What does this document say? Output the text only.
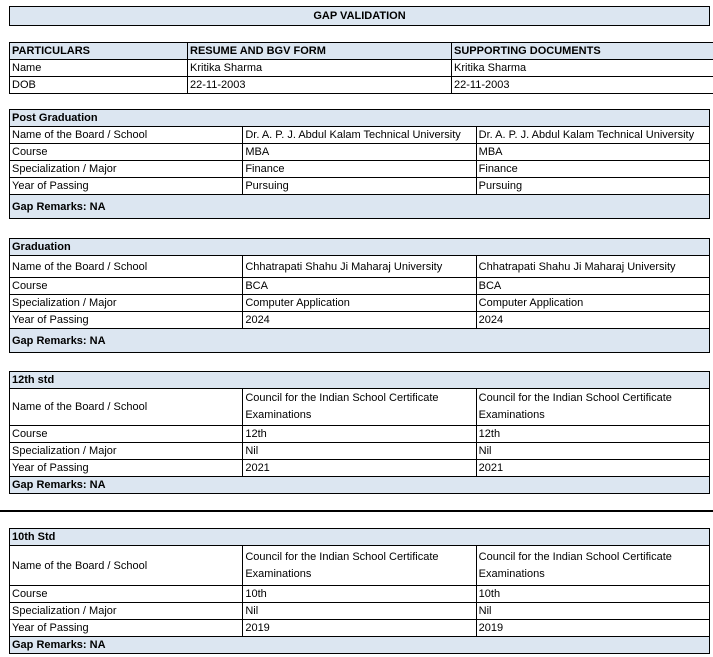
GAP VALIDATION
PARTICULARS	RESUME AND BGV FORM	SUPPORTING DOCUMENTS
Name	Kritika Sharma	Kritika Sharma
DOB	22-11-2003	22-11-2003
Post Graduation		
Name of the Board / School	Dr. A. P. J. Abdul Kalam Technical University	Dr. A. P. J. Abdul Kalam Technical University
Course	MBA	MBA
Specialization / Major	Finance	Finance
Year of Passing	Pursuing	Pursuing
Gap Remarks: NA		
Graduation		
Name of the Board / School	Chhatrapati Shahu Ji Maharaj University	Chhatrapati Shahu Ji Maharaj University
Course	BCA	BCA
Specialization / Major	Computer Application	Computer Application
Year of Passing	2024	2024
Gap Remarks: NA		
12th std		
Name of the Board / School	Council for the Indian School Certificate Examinations	Council for the Indian School Certificate Examinations
Course	12th	12th
Specialization / Major	Nil	Nil
Year of Passing	2021	2021
Gap Remarks: NA		
10th Std		
Name of the Board / School	Council for the Indian School Certificate Examinations	Council for the Indian School Certificate Examinations
Course	10th	10th
Specialization / Major	Nil	Nil
Year of Passing	2019	2019
Gap Remarks: NA		
